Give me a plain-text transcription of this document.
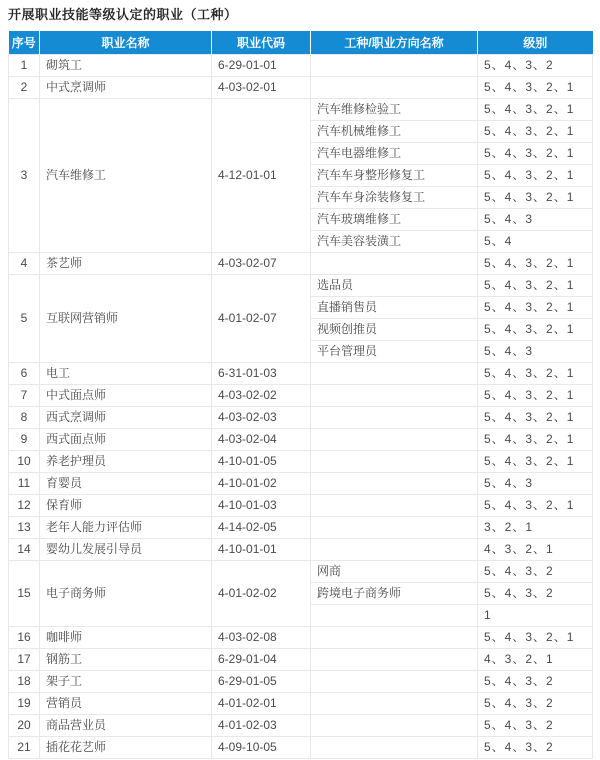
开展职业技能等级认定的职业（工种）
序号	职业名称	职业代码	工种/职业方向名称	级别
1	砌筑工	6-29-01-01		5、4、3、2
2	中式烹调师	4-03-02-01		5、4、3、2、1
3	汽车维修工	4-12-01-01	汽车维修检验工	5、4、3、2、1
			汽车机械维修工	5、4、3、2、1
			汽车电器维修工	5、4、3、2、1
			汽车车身整形修复工	5、4、3、2、1
			汽车车身涂装修复工	5、4、3、2、1
			汽车玻璃维修工	5、4、3
			汽车美容装潢工	5、4
4	茶艺师	4-03-02-07		5、4、3、2、1
5	互联网营销师	4-01-02-07	选品员	5、4、3、2、1
			直播销售员	5、4、3、2、1
			视频创推员	5、4、3、2、1
			平台管理员	5、4、3
6	电工	6-31-01-03		5、4、3、2、1
7	中式面点师	4-03-02-02		5、4、3、2、1
8	西式烹调师	4-03-02-03		5、4、3、2、1
9	西式面点师	4-03-02-04		5、4、3、2、1
10	养老护理员	4-10-01-05		5、4、3、2、1
11	育婴员	4-10-01-02		5、4、3
12	保育师	4-10-01-03		5、4、3、2、1
13	老年人能力评估师	4-14-02-05		3、2、1
14	婴幼儿发展引导员	4-10-01-01		4、3、2、1
15	电子商务师	4-01-02-02	网商	5、4、3、2
			跨境电子商务师	5、4、3、2
				1
16	咖啡师	4-03-02-08		5、4、3、2、1
17	钢筋工	6-29-01-04		4、3、2、1
18	架子工	6-29-01-05		5、4、3、2
19	营销员	4-01-02-01		5、4、3、2
20	商品营业员	4-01-02-03		5、4、3、2
21	插花花艺师	4-09-10-05		5、4、3、2
